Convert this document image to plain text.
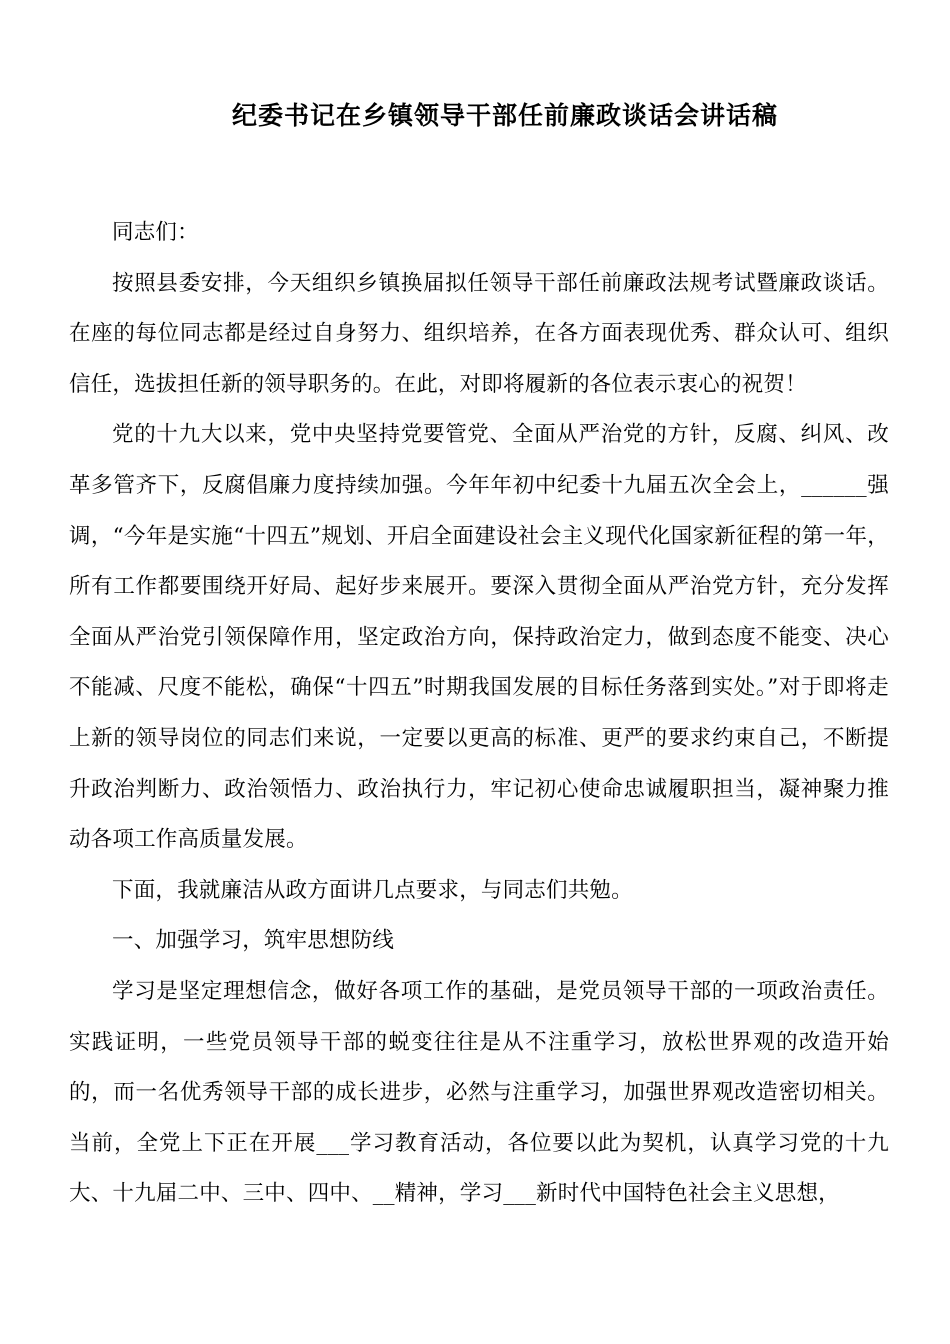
纪委书记在乡镇领导干部任前廉政谈话会讲话稿

同志们：

按照县委安排，今天组织乡镇换届拟任领导干部任前廉政法规考试暨廉政谈话。在座的每位同志都是经过自身努力、组织培养，在各方面表现优秀、群众认可、组织信任，选拔担任新的领导职务的。在此，对即将履新的各位表示衷心的祝贺！

党的十九大以来，党中央坚持党要管党、全面从严治党的方针，反腐、纠风、改革多管齐下，反腐倡廉力度持续加强。今年年初中纪委十九届五次全会上，______强调，“今年是实施“十四五”规划、开启全面建设社会主义现代化国家新征程的第一年，所有工作都要围绕开好局、起好步来展开。要深入贯彻全面从严治党方针，充分发挥全面从严治党引领保障作用，坚定政治方向，保持政治定力，做到态度不能变、决心不能减、尺度不能松，确保“十四五”时期我国发展的目标任务落到实处。”对于即将走上新的领导岗位的同志们来说，一定要以更高的标准、更严的要求约束自己，不断提升政治判断力、政治领悟力、政治执行力，牢记初心使命忠诚履职担当，凝神聚力推动各项工作高质量发展。

下面，我就廉洁从政方面讲几点要求，与同志们共勉。

一、加强学习，筑牢思想防线

学习是坚定理想信念，做好各项工作的基础，是党员领导干部的一项政治责任。实践证明，一些党员领导干部的蜕变往往是从不注重学习，放松世界观的改造开始的，而一名优秀领导干部的成长进步，必然与注重学习，加强世界观改造密切相关。当前，全党上下正在开展___学习教育活动，各位要以此为契机，认真学习党的十九大、十九届二中、三中、四中、__精神，学习___新时代中国特色社会主义思想，
